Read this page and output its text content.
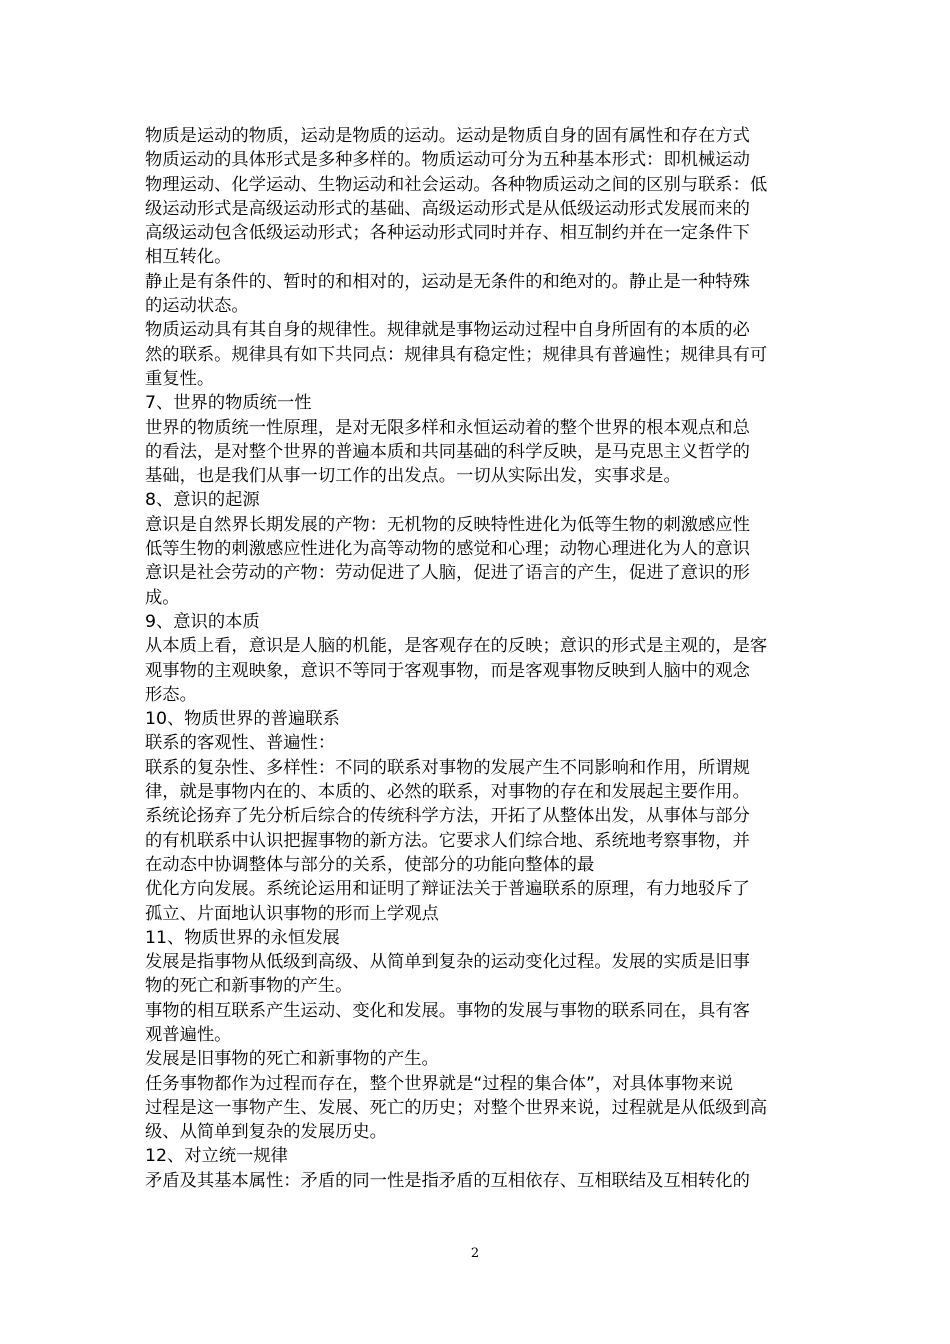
物质是运动的物质，运动是物质的运动。运动是物质自身的固有属性和存在方式
物质运动的具体形式是多种多样的。物质运动可分为五种基本形式：即机械运动
物理运动、化学运动、生物运动和社会运动。各种物质运动之间的区别与联系：低
级运动形式是高级运动形式的基础、高级运动形式是从低级运动形式发展而来的
高级运动包含低级运动形式；各种运动形式同时并存、相互制约并在一定条件下
相互转化。
静止是有条件的、暂时的和相对的，运动是无条件的和绝对的。静止是一种特殊
的运动状态。
物质运动具有其自身的规律性。规律就是事物运动过程中自身所固有的本质的必
然的联系。规律具有如下共同点：规律具有稳定性；规律具有普遍性；规律具有可
重复性。
7、世界的物质统一性
世界的物质统一性原理，是对无限多样和永恒运动着的整个世界的根本观点和总
的看法，是对整个世界的普遍本质和共同基础的科学反映，是马克思主义哲学的
基础，也是我们从事一切工作的出发点。一切从实际出发，实事求是。
8、意识的起源
意识是自然界长期发展的产物：无机物的反映特性进化为低等生物的刺激感应性
低等生物的刺激感应性进化为高等动物的感觉和心理；动物心理进化为人的意识
意识是社会劳动的产物：劳动促进了人脑，促进了语言的产生，促进了意识的形
成。
9、意识的本质
从本质上看，意识是人脑的机能，是客观存在的反映；意识的形式是主观的，是客
观事物的主观映象，意识不等同于客观事物，而是客观事物反映到人脑中的观念
形态。
10、物质世界的普遍联系
联系的客观性、普遍性：
联系的复杂性、多样性：不同的联系对事物的发展产生不同影响和作用，所谓规
律，就是事物内在的、本质的、必然的联系，对事物的存在和发展起主要作用。
系统论扬弃了先分析后综合的传统科学方法，开拓了从整体出发，从事体与部分
的有机联系中认识把握事物的新方法。它要求人们综合地、系统地考察事物，并
在动态中协调整体与部分的关系，使部分的功能向整体的最
优化方向发展。系统论运用和证明了辩证法关于普遍联系的原理，有力地驳斥了
孤立、片面地认识事物的形而上学观点
11、物质世界的永恒发展
发展是指事物从低级到高级、从简单到复杂的运动变化过程。发展的实质是旧事
物的死亡和新事物的产生。
事物的相互联系产生运动、变化和发展。事物的发展与事物的联系同在，具有客
观普遍性。
发展是旧事物的死亡和新事物的产生。
任务事物都作为过程而存在，整个世界就是“过程的集合体”，对具体事物来说
过程是这一事物产生、发展、死亡的历史；对整个世界来说，过程就是从低级到高
级、从简单到复杂的发展历史。
12、对立统一规律
矛盾及其基本属性：矛盾的同一性是指矛盾的互相依存、互相联结及互相转化的
2
